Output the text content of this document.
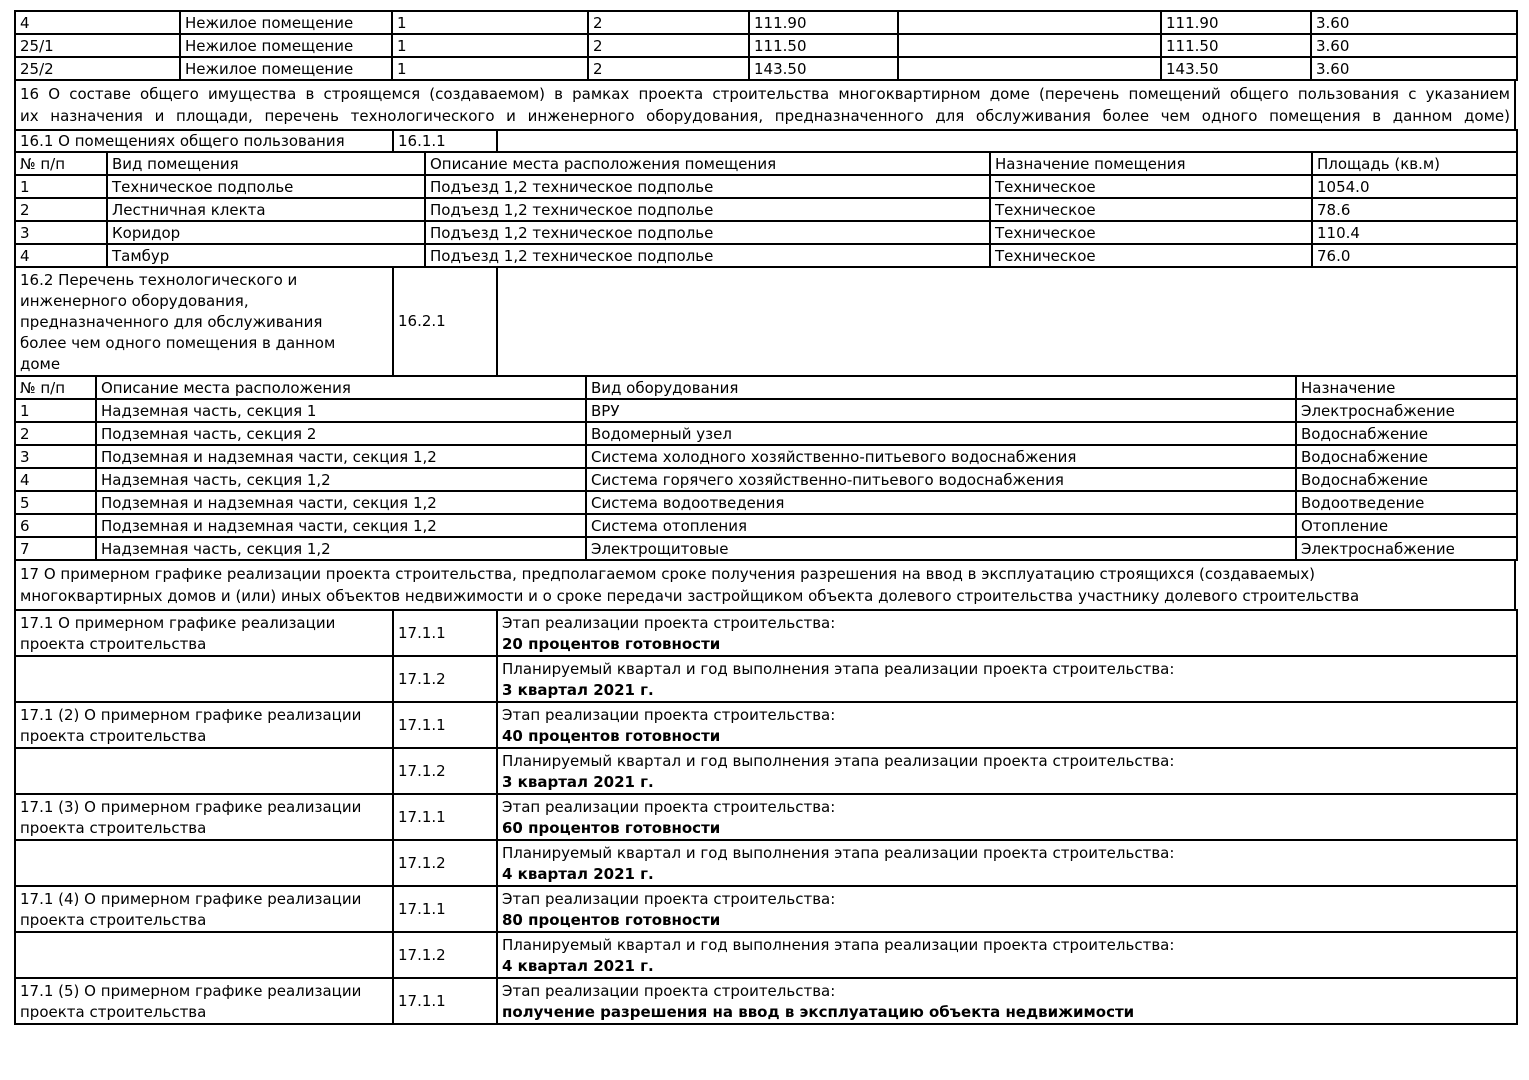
4	Нежилое помещение	1	2	111.90		111.90	3.60
25/1	Нежилое помещение	1	2	111.50		111.50	3.60
25/2	Нежилое помещение	1	2	143.50		143.50	3.60
16 О составе общего имущества в строящемся (создаваемом) в рамках проекта строительства многоквартирном доме (перечень помещений общего пользования с указанием
их назначения и площади, перечень технологического и инженерного оборудования, предназначенного для обслуживания более чем одного помещения в данном доме)
16.1 О помещениях общего пользования	16.1.1	
№ п/п	Вид помещения	Описание места расположения помещения	Назначение помещения	Площадь (кв.м)
1	Техническое подполье	Подъезд 1,2 техническое подполье	Техническое	1054.0
2	Лестничная клекта	Подъезд 1,2 техническое подполье	Техническое	78.6
3	Коридор	Подъезд 1,2 техническое подполье	Техническое	110.4
4	Тамбур	Подъезд 1,2 техническое подполье	Техническое	76.0
16.2 Перечень технологического и
инженерного оборудования,
предназначенного для обслуживания
более чем одного помещения в данном
доме
	16.2.1	
№ п/п	Описание места расположения	Вид оборудования	Назначение
1	Надземная часть, секция 1	ВРУ	Электроснабжение
2	Подземная часть, секция 2	Водомерный узел	Водоснабжение
3	Подземная и надземная части, секция 1,2	Система холодного хозяйственно-питьевого водоснабжения	Водоснабжение
4	Надземная часть, секция 1,2	Система горячего хозяйственно-питьевого водоснабжения	Водоснабжение
5	Подземная и надземная части, секция 1,2	Система водоотведения	Водоотведение
6	Подземная и надземная части, секция 1,2	Система отопления	Отопление
7	Надземная часть, секция 1,2	Электрощитовые	Электроснабжение
17 О примерном графике реализации проекта строительства, предполагаемом сроке получения разрешения на ввод в эксплуатацию строящихся (создаваемых)
многоквартирных домов и (или) иных объектов недвижимости и о сроке передачи застройщиком объекта долевого строительства участнику долевого строительства
17.1 О примерном графике реализации проекта строительства	17.1.1	Этап реализации проекта строительства:
20 процентов готовности

	17.1.2	Планируемый квартал и год выполнения этапа реализации проекта строительства:
3 квартал 2021 г.

17.1 (2) О примерном графике реализации проекта строительства	17.1.1	Этап реализации проекта строительства:
40 процентов готовности

	17.1.2	Планируемый квартал и год выполнения этапа реализации проекта строительства:
3 квартал 2021 г.

17.1 (3) О примерном графике реализации проекта строительства	17.1.1	Этап реализации проекта строительства:
60 процентов готовности

	17.1.2	Планируемый квартал и год выполнения этапа реализации проекта строительства:
4 квартал 2021 г.

17.1 (4) О примерном графике реализации проекта строительства	17.1.1	Этап реализации проекта строительства:
80 процентов готовности

	17.1.2	Планируемый квартал и год выполнения этапа реализации проекта строительства:
4 квартал 2021 г.

17.1 (5) О примерном графике реализации проекта строительства	17.1.1	Этап реализации проекта строительства:
получение разрешения на ввод в эксплуатацию объекта недвижимости
